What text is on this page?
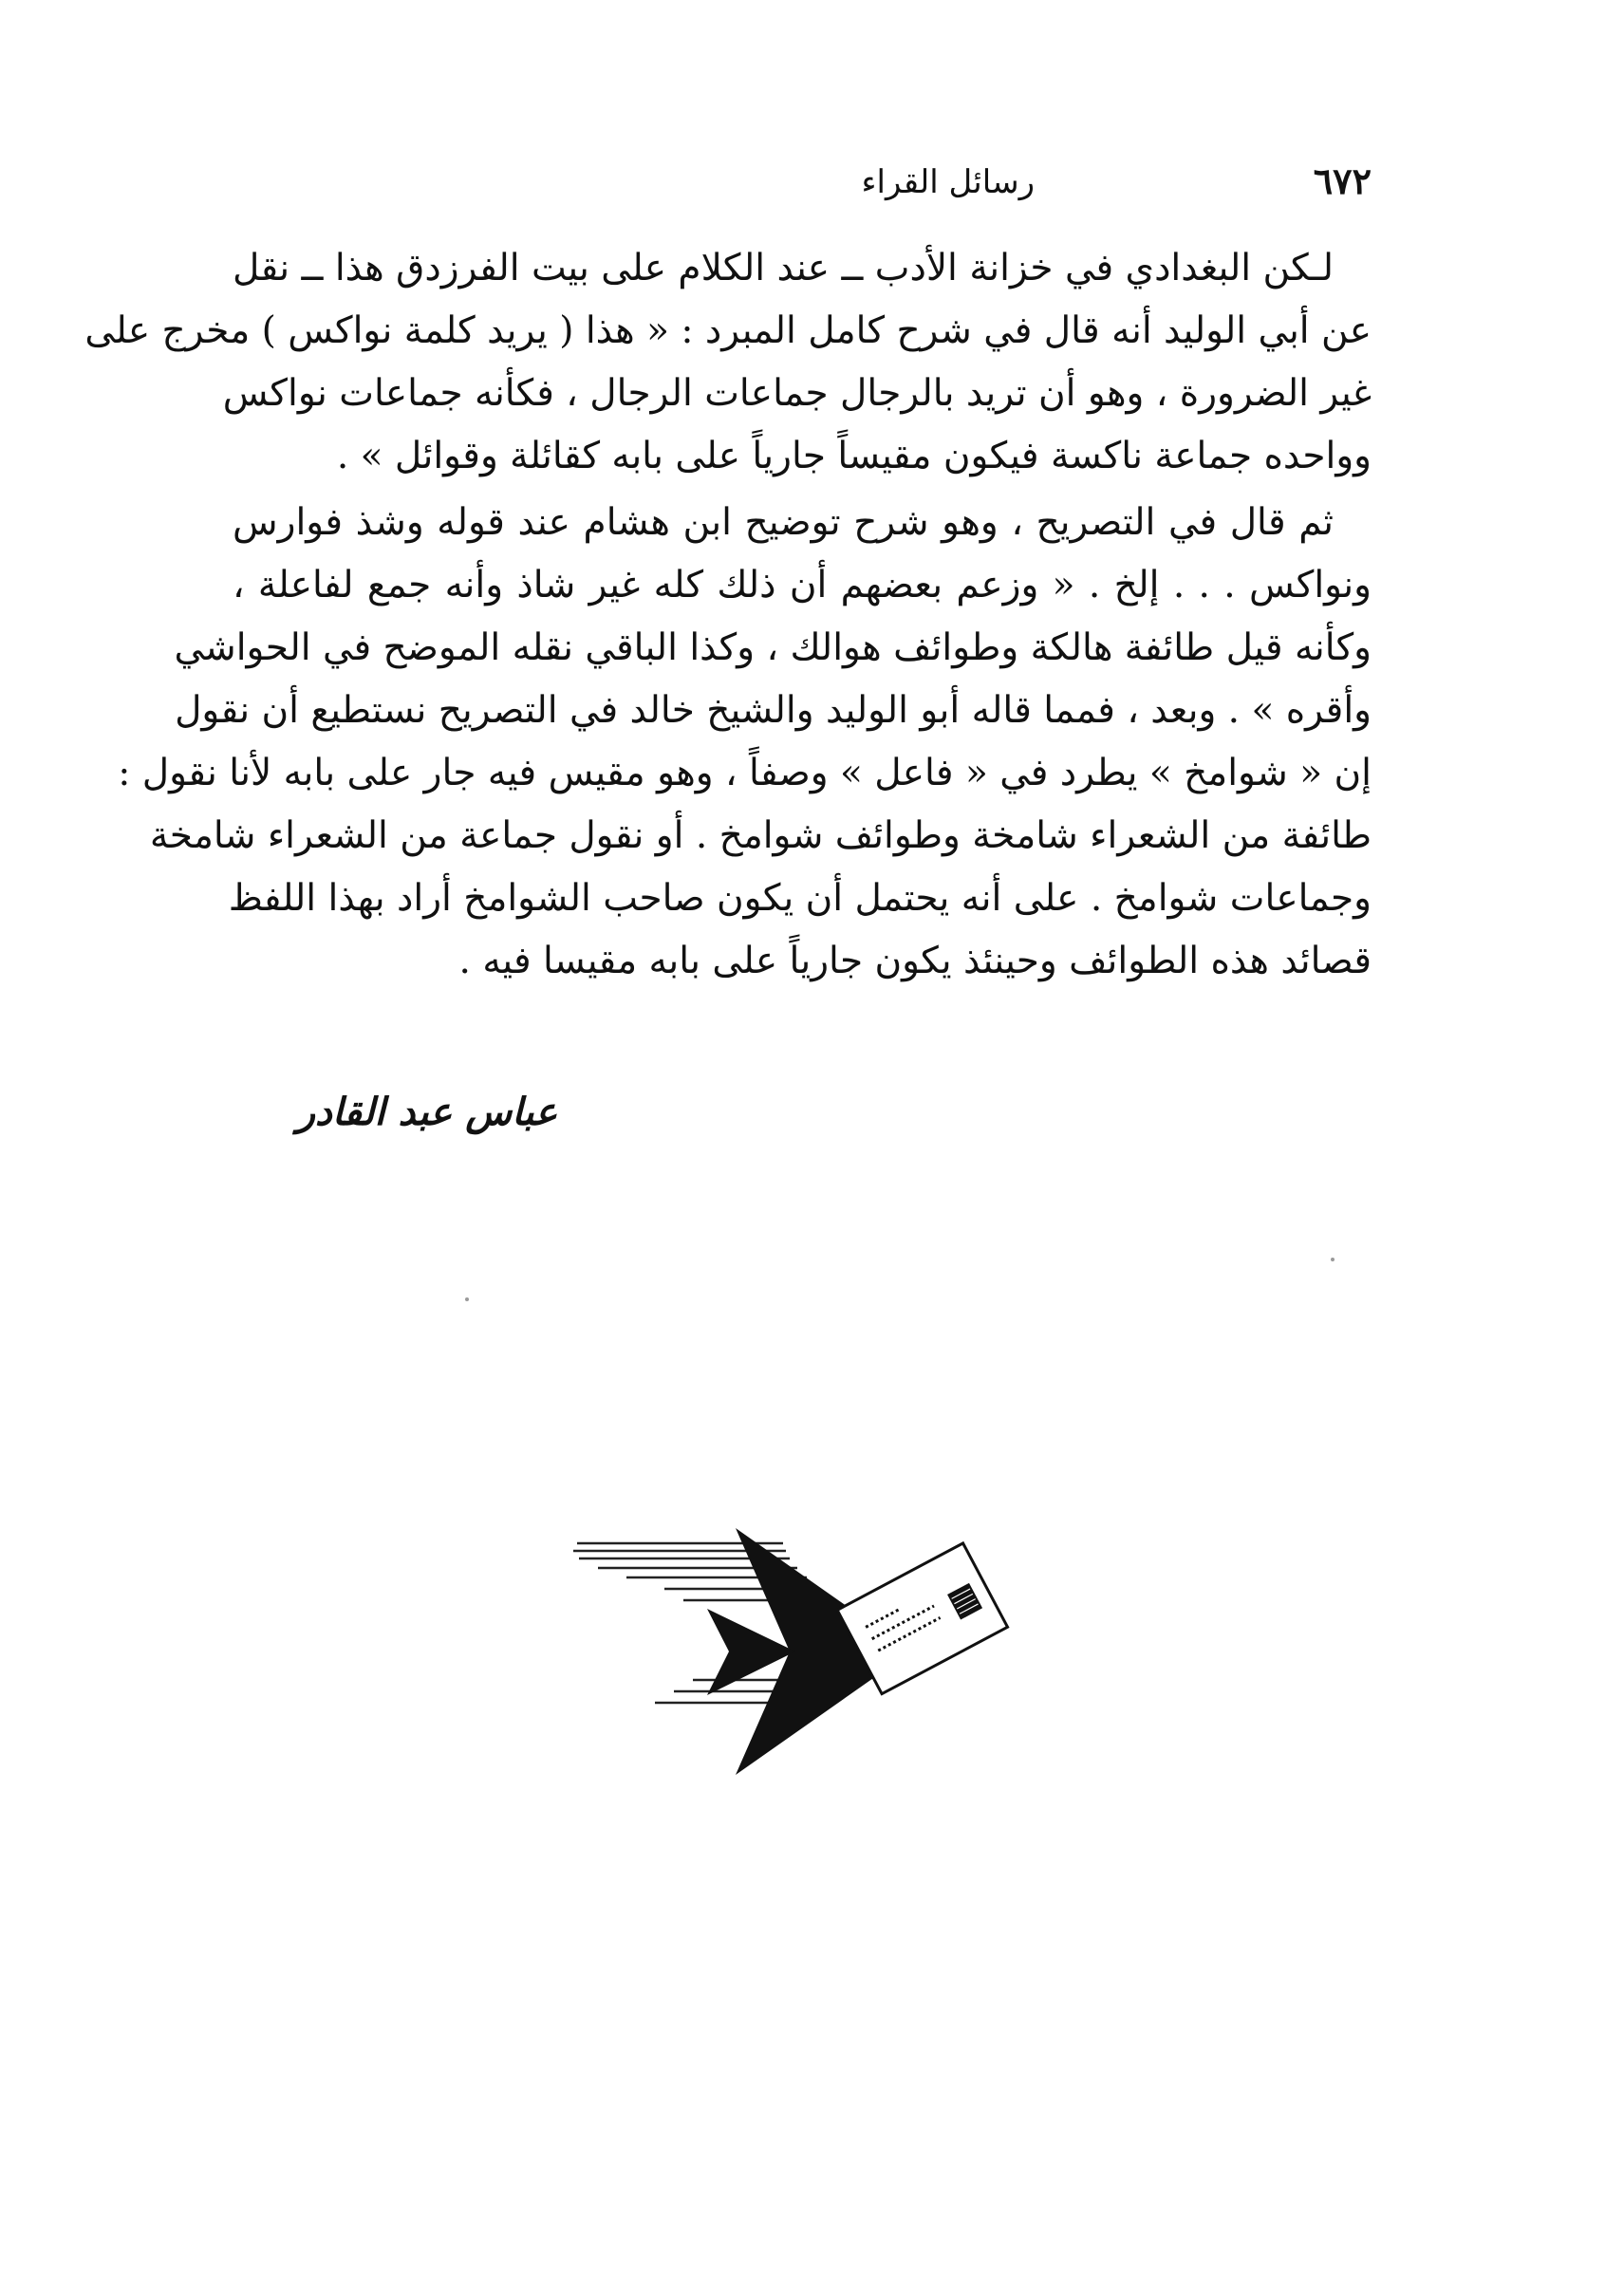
٦٧٢
رسائل القراء
لـكن البغدادي في خزانة الأدب ــ عند الكلام على بيت الفرزدق هذا ــ نقل
عن أبي الوليد أنه قال في شرح كامل المبرد : « هذا ( يريد كلمة نواكس ) مخرج على
غير الضرورة ، وهو أن تريد بالرجال جماعات الرجال ، فكأنه جماعات نواكس
وواحده جماعة ناكسة فيكون مقيساً جارياً على بابه كقائلة وقوائل » .
ثم قال في التصريح ، وهو شرح توضيح ابن هشام عند قوله وشذ فوارس
ونواكس . . . إلخ . « وزعم بعضهم أن ذلك كله غير شاذ وأنه جمع لفاعلة ،
وكأنه قيل طائفة هالكة وطوائف هوالك ، وكذا الباقي نقله الموضح في الحواشي
وأقره » . وبعد ، فمما قاله أبو الوليد والشيخ خالد في التصريح نستطيع أن نقول
إن « شوامخ » يطرد في « فاعل » وصفاً ، وهو مقيس فيه جار على بابه لأنا نقول :
طائفة من الشعراء شامخة وطوائف شوامخ . أو نقول جماعة من الشعراء شامخة
وجماعات شوامخ . على أنه يحتمل أن يكون صاحب الشوامخ أراد بهذا اللفظ
قصائد هذه الطوائف وحينئذ يكون جارياً على بابه مقيسا فيه .
عباس عبد القادر
